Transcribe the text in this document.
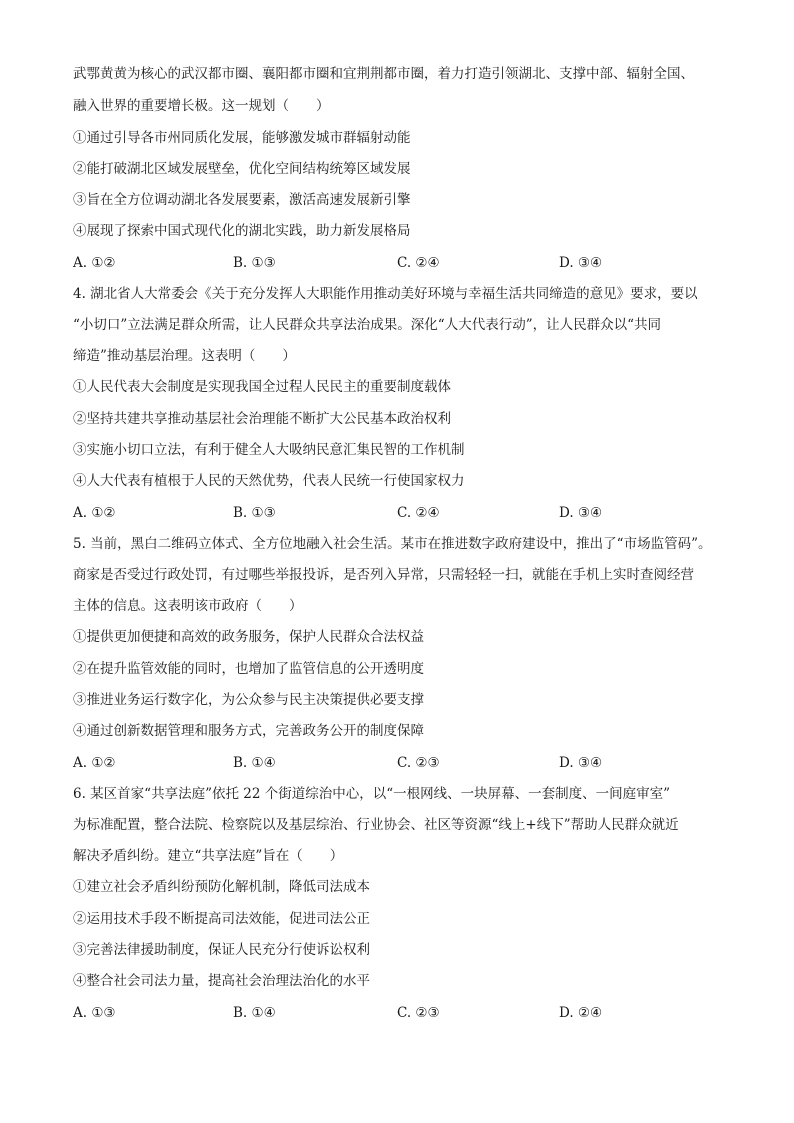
武鄂黄黄为核心的武汉都市圈、襄阳都市圈和宜荆荆都市圈，着力打造引领湖北、支撑中部、辐射全国、
融入世界的重要增长极。这一规划（　　）
①通过引导各市州同质化发展，能够激发城市群辐射动能
②能打破湖北区域发展壁垒，优化空间结构统筹区域发展
③旨在全方位调动湖北各发展要素，激活高速发展新引擎
④展现了探索中国式现代化的湖北实践，助力新发展格局
A. ①②	B. ①③	C. ②④	D. ③④
4. 湖北省人大常委会《关于充分发挥人大职能作用推动美好环境与幸福生活共同缔造的意见》要求，要以
“小切口”立法满足群众所需，让人民群众共享法治成果。深化“人大代表行动”，让人民群众以“共同
缔造”推动基层治理。这表明（　　）
①人民代表大会制度是实现我国全过程人民民主的重要制度载体
②坚持共建共享推动基层社会治理能不断扩大公民基本政治权利
③实施小切口立法，有利于健全人大吸纳民意汇集民智的工作机制
④人大代表有植根于人民的天然优势，代表人民统一行使国家权力
A. ①②	B. ①③	C. ②④	D. ③④
5. 当前，黑白二维码立体式、全方位地融入社会生活。某市在推进数字政府建设中，推出了“市场监管码”。
商家是否受过行政处罚，有过哪些举报投诉，是否列入异常，只需轻轻一扫，就能在手机上实时查阅经营
主体的信息。这表明该市政府（　　）
①提供更加便捷和高效的政务服务，保护人民群众合法权益
②在提升监管效能的同时，也增加了监管信息的公开透明度
③推进业务运行数字化，为公众参与民主决策提供必要支撑
④通过创新数据管理和服务方式，完善政务公开的制度保障
A. ①②	B. ①④	C. ②③	D. ③④
6. 某区首家“共享法庭”依托 22 个街道综治中心，以“一根网线、一块屏幕、一套制度、一间庭审室”
为标准配置，整合法院、检察院以及基层综治、行业协会、社区等资源“线上+线下”帮助人民群众就近
解决矛盾纠纷。建立“共享法庭”旨在（　　）
①建立社会矛盾纠纷预防化解机制，降低司法成本
②运用技术手段不断提高司法效能，促进司法公正
③完善法律援助制度，保证人民充分行使诉讼权利
④整合社会司法力量，提高社会治理法治化的水平
A. ①③	B. ①④	C. ②③	D. ②④
